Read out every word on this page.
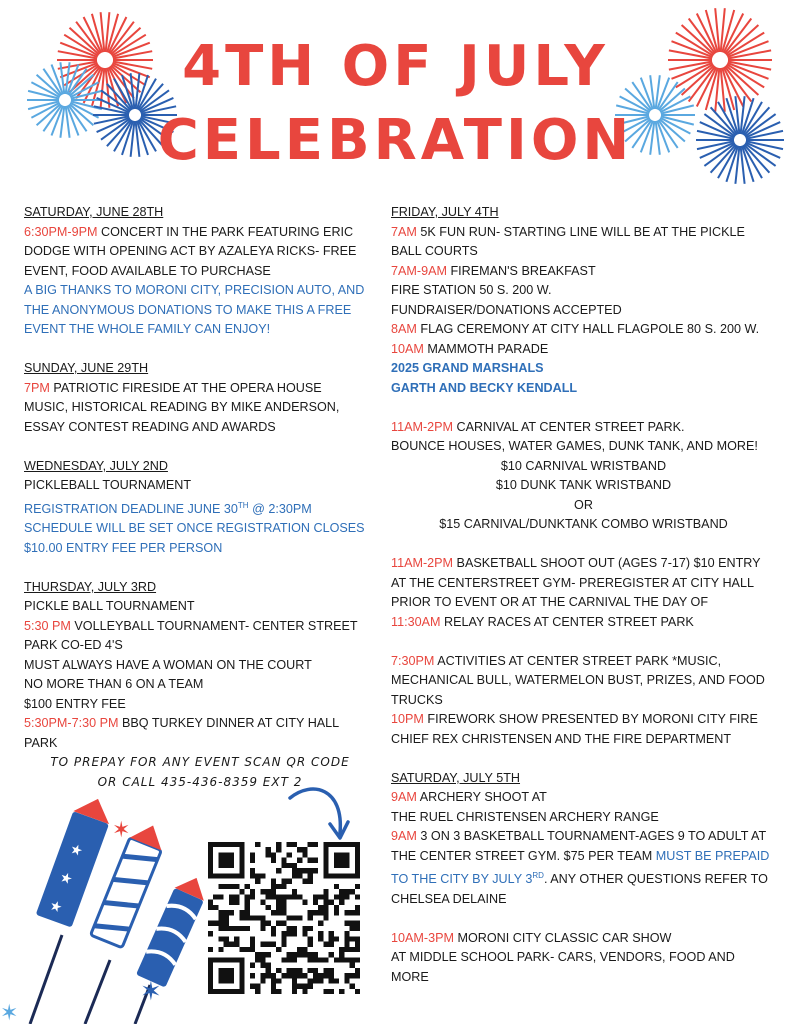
4TH OF JULY
CELEBRATION

SATURDAY, JUNE 28TH

6:30PM-9PM CONCERT IN THE PARK FEATURING ERIC DODGE WITH OPENING ACT BY AZALEYA RICKS- FREE EVENT, FOOD AVAILABLE TO PURCHASE

A BIG THANKS TO MORONI CITY, PRECISION AUTO, AND THE ANONYMOUS DONATIONS TO MAKE THIS A FREE EVENT THE WHOLE FAMILY CAN ENJOY!

SUNDAY, JUNE 29TH

7PM PATRIOTIC FIRESIDE AT THE OPERA HOUSE MUSIC, HISTORICAL READING BY MIKE ANDERSON, ESSAY CONTEST READING AND AWARDS

WEDNESDAY, JULY 2ND

PICKLEBALL TOURNAMENT

REGISTRATION DEADLINE JUNE 30TH @ 2:30PM

SCHEDULE WILL BE SET ONCE REGISTRATION CLOSES

$10.00 ENTRY FEE PER PERSON

THURSDAY, JULY 3RD

PICKLE BALL TOURNAMENT

5:30 PM VOLLEYBALL TOURNAMENT- CENTER STREET PARK CO-ED 4'S

MUST ALWAYS HAVE A WOMAN ON THE COURT

NO MORE THAN 6 ON A TEAM

$100 ENTRY FEE

5:30PM-7:30 PM BBQ TURKEY DINNER AT CITY HALL PARK

FRIDAY, JULY 4TH

7AM 5K FUN RUN- STARTING LINE WILL BE AT THE PICKLE BALL COURTS

7AM-9AM FIREMAN'S BREAKFAST

FIRE STATION 50 S. 200 W.

FUNDRAISER/DONATIONS ACCEPTED

8AM FLAG CEREMONY AT CITY HALL FLAGPOLE 80 S. 200 W.

10AM MAMMOTH PARADE

2025 GRAND MARSHALS

GARTH AND BECKY KENDALL

11AM-2PM CARNIVAL AT CENTER STREET PARK.

BOUNCE HOUSES, WATER GAMES, DUNK TANK, AND MORE!

$10 CARNIVAL WRISTBAND

$10 DUNK TANK WRISTBAND

OR

$15 CARNIVAL/DUNKTANK COMBO WRISTBAND

11AM-2PM BASKETBALL SHOOT OUT (AGES 7-17) $10 ENTRY AT THE CENTERSTREET GYM- PREREGISTER AT CITY HALL PRIOR TO EVENT OR AT THE CARNIVAL THE DAY OF

11:30AM RELAY RACES AT CENTER STREET PARK

7:30PM ACTIVITIES AT CENTER STREET PARK *MUSIC, MECHANICAL BULL, WATERMELON BUST, PRIZES, AND FOOD TRUCKS

10PM FIREWORK SHOW PRESENTED BY MORONI CITY FIRE CHIEF REX CHRISTENSEN AND THE FIRE DEPARTMENT

SATURDAY, JULY 5TH

9AM ARCHERY SHOOT AT

THE RUEL CHRISTENSEN ARCHERY RANGE

9AM 3 ON 3 BASKETBALL TOURNAMENT-AGES 9 TO ADULT AT THE CENTER STREET GYM. $75 PER TEAM MUST BE PREPAID TO THE CITY BY JULY 3RD. ANY OTHER QUESTIONS REFER TO CHELSEA DELAINE

10AM-3PM MORONI CITY CLASSIC CAR SHOW

AT MIDDLE SCHOOL PARK- CARS, VENDORS, FOOD AND MORE

TO PREPAY FOR ANY EVENT SCAN QR CODE
OR CALL 435-436-8359 EXT 2
★
★
★
✶
✶
✶
